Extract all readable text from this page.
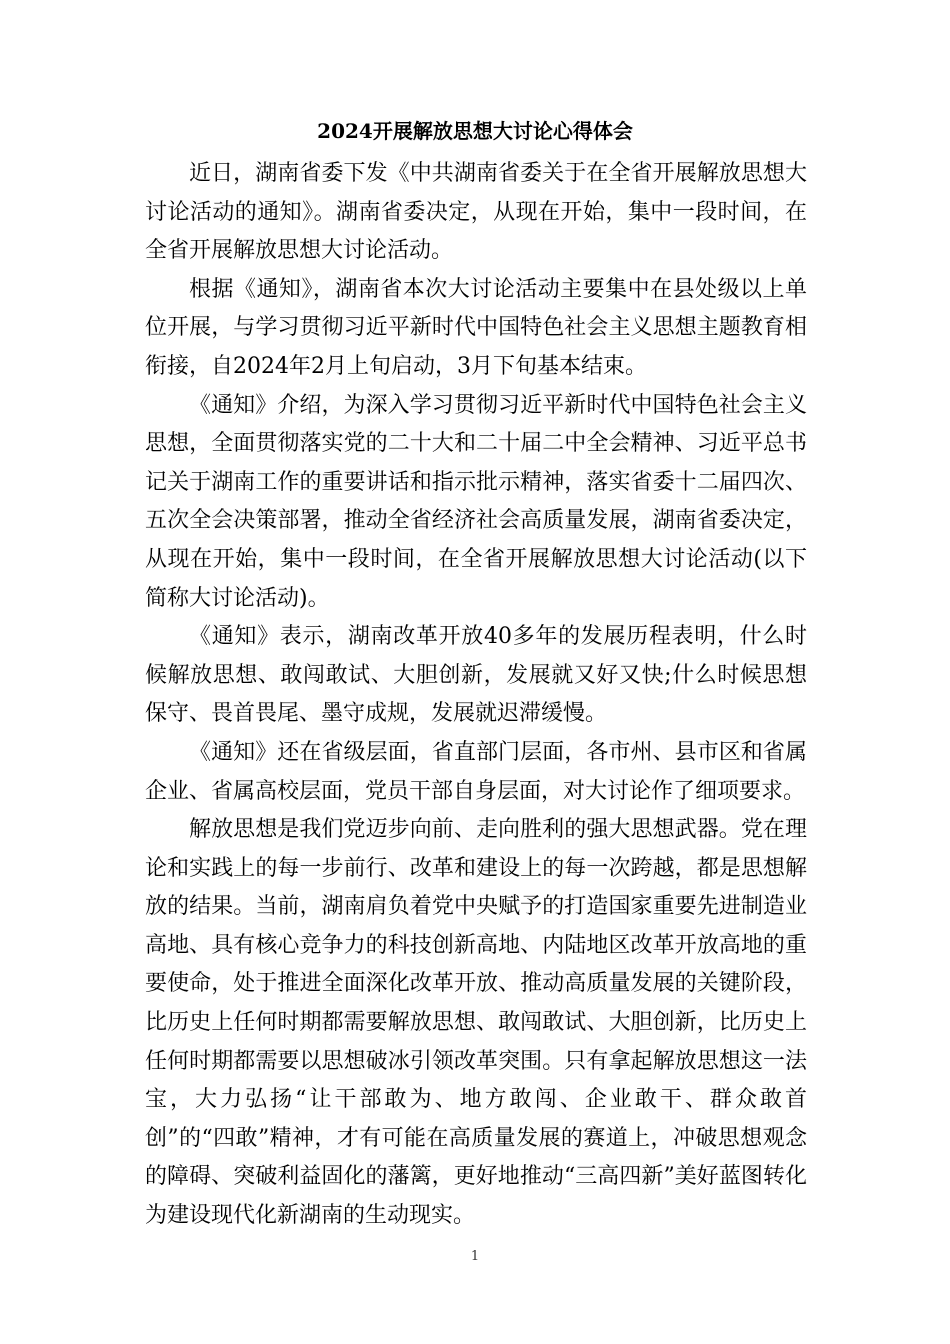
2024开展解放思想大讨论心得体会

近日，湖南省委下发《中共湖南省委关于在全省开展解放思想大讨论活动的通知》。湖南省委决定，从现在开始，集中一段时间，在全省开展解放思想大讨论活动。

根据《通知》，湖南省本次大讨论活动主要集中在县处级以上单位开展，与学习贯彻习近平新时代中国特色社会主义思想主题教育相衔接，自2024年2月上旬启动，3月下旬基本结束。

《通知》介绍，为深入学习贯彻习近平新时代中国特色社会主义思想，全面贯彻落实党的二十大和二十届二中全会精神、习近平总书记关于湖南工作的重要讲话和指示批示精神，落实省委十二届四次、五次全会决策部署，推动全省经济社会高质量发展，湖南省委决定，从现在开始，集中一段时间，在全省开展解放思想大讨论活动(以下简称大讨论活动)。

《通知》表示，湖南改革开放40多年的发展历程表明，什么时候解放思想、敢闯敢试、大胆创新，发展就又好又快;什么时候思想保守、畏首畏尾、墨守成规，发展就迟滞缓慢。

《通知》还在省级层面，省直部门层面，各市州、县市区和省属企业、省属高校层面，党员干部自身层面，对大讨论作了细项要求。

解放思想是我们党迈步向前、走向胜利的强大思想武器。党在理论和实践上的每一步前行、改革和建设上的每一次跨越，都是思想解放的结果。当前，湖南肩负着党中央赋予的打造国家重要先进制造业高地、具有核心竞争力的科技创新高地、内陆地区改革开放高地的重要使命，处于推进全面深化改革开放、推动高质量发展的关键阶段，比历史上任何时期都需要解放思想、敢闯敢试、大胆创新，比历史上任何时期都需要以思想破冰引领改革突围。只有拿起解放思想这一法宝，大力弘扬“让干部敢为、地方敢闯、企业敢干、群众敢首创”的“四敢”精神，才有可能在高质量发展的赛道上，冲破思想观念的障碍、突破利益固化的藩篱，更好地推动“三高四新”美好蓝图转化为建设现代化新湖南的生动现实。

1
